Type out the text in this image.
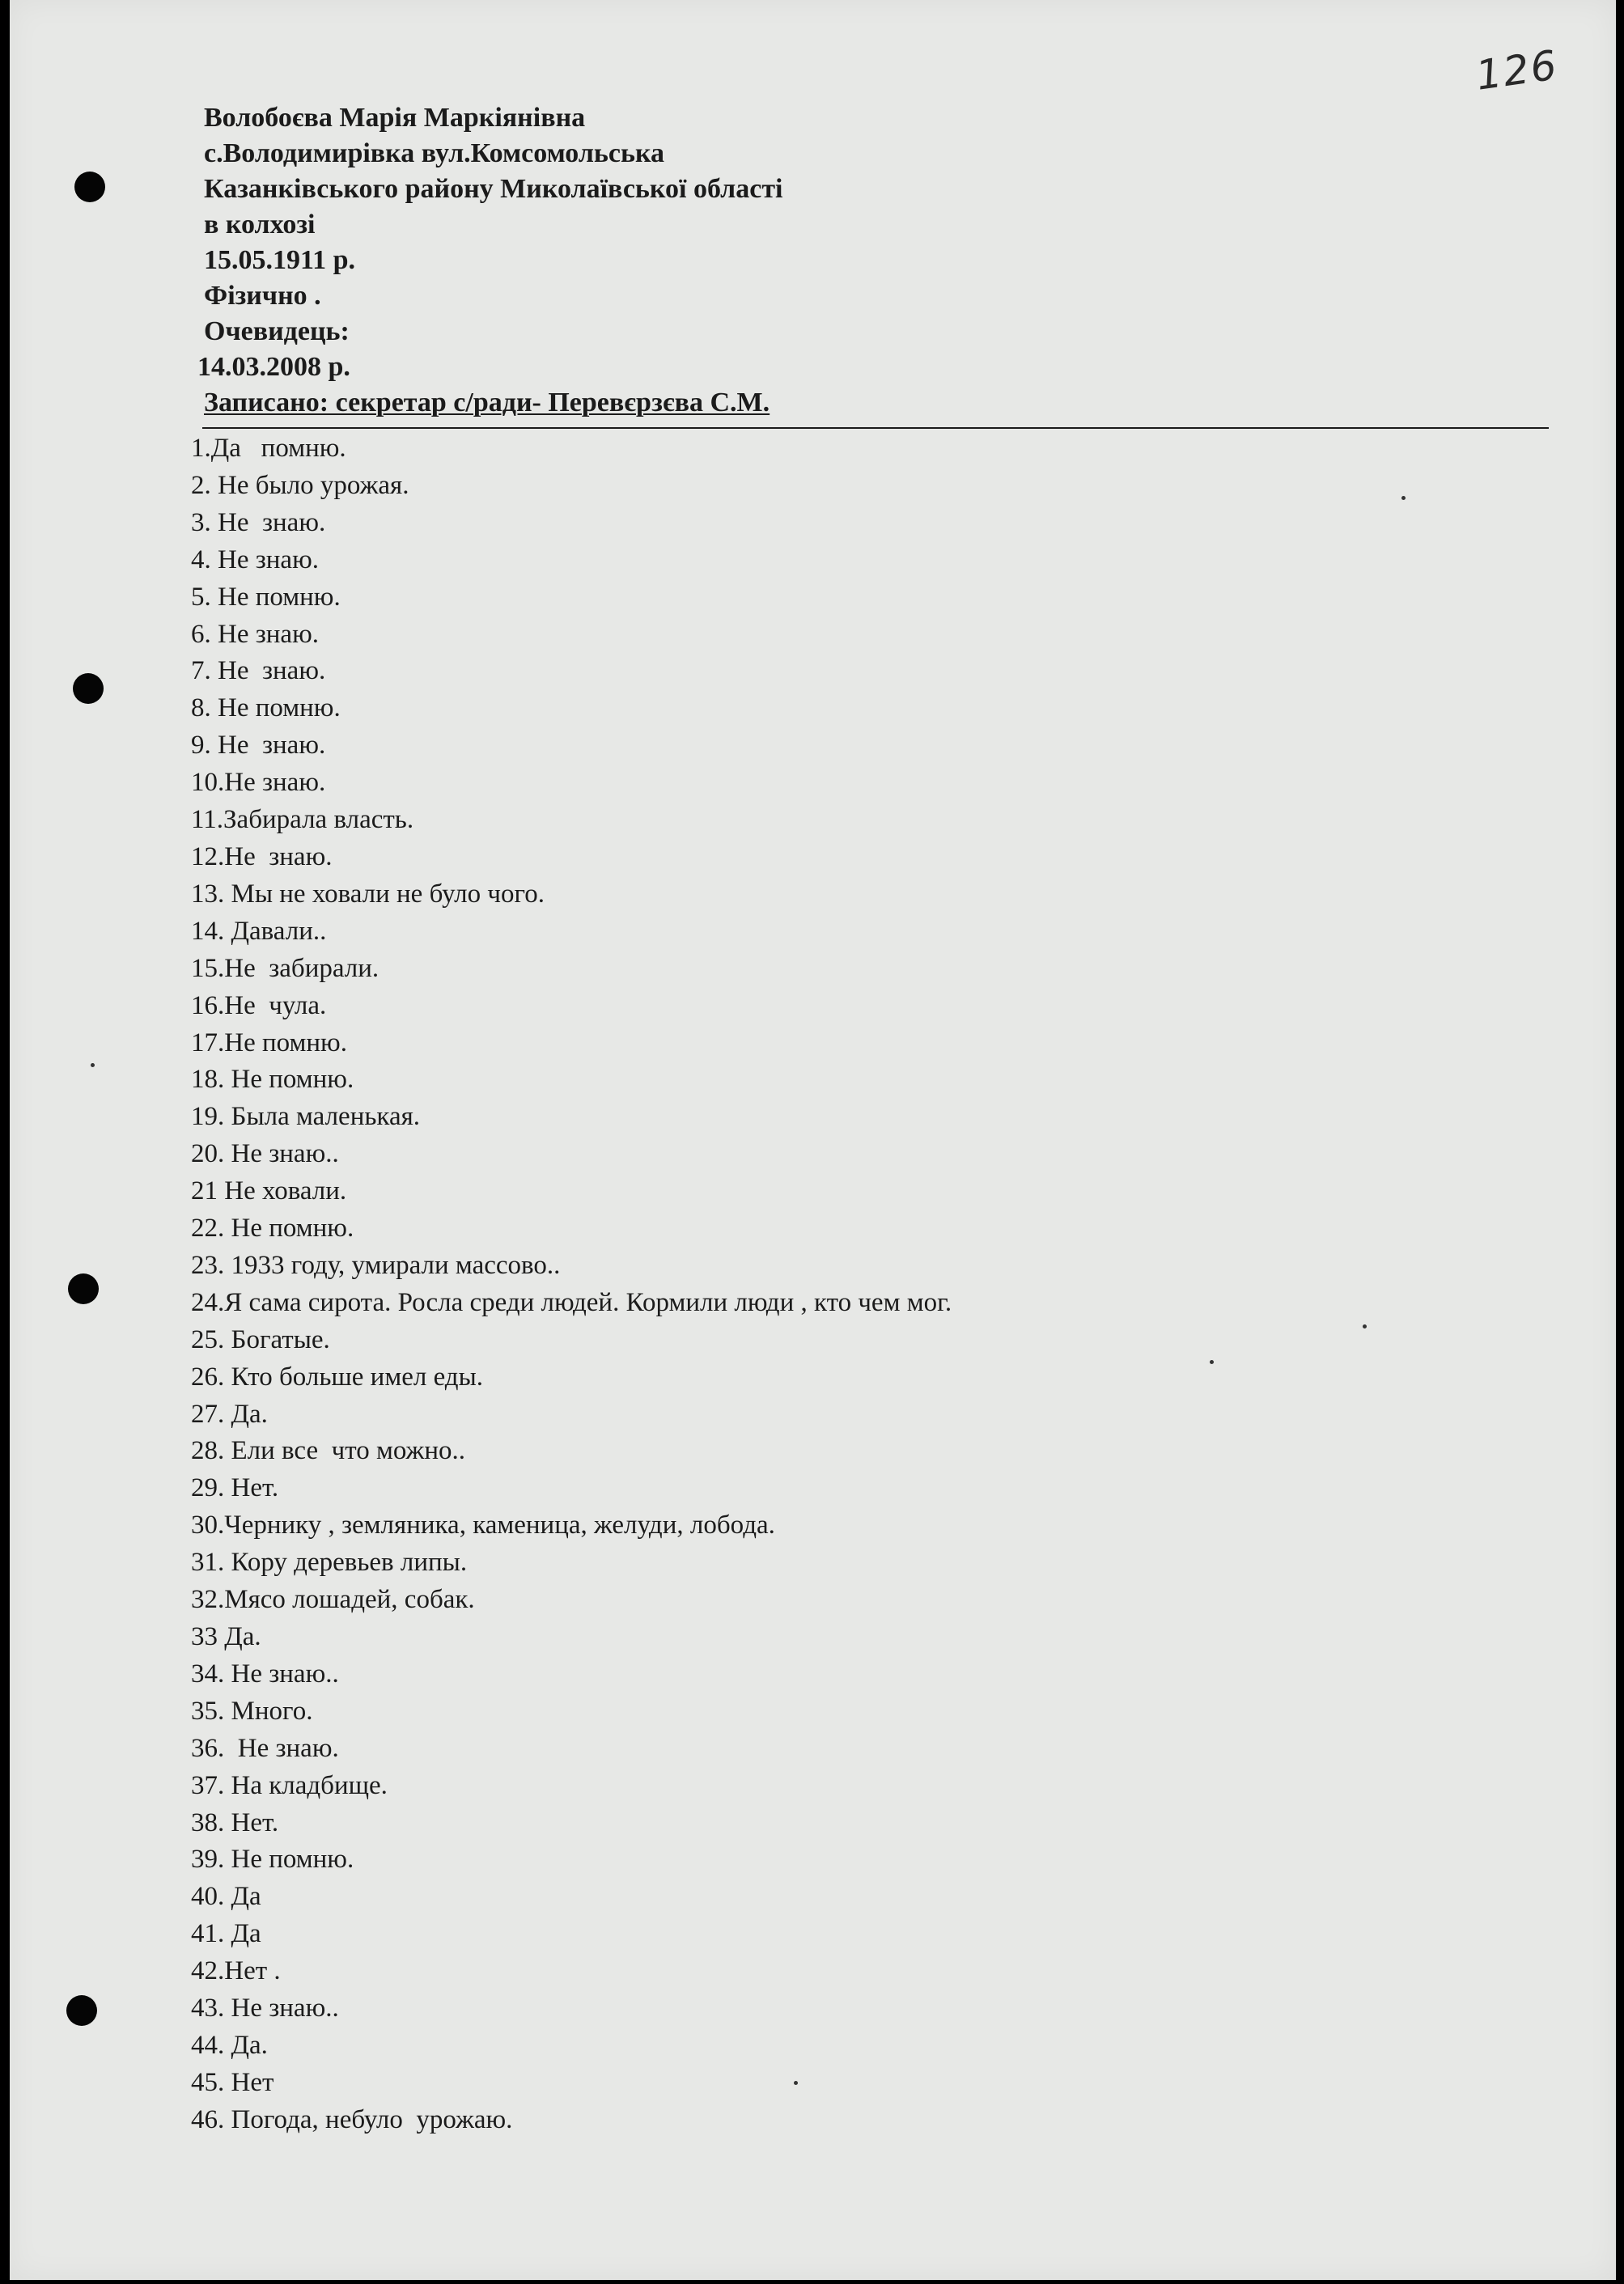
126
Волобоєва Марія Маркіянівна
с.Володимирівка вул.Комсомольська
Казанківського району Миколаївської області
в колхозі
15.05.1911 р.
Фізично .
Очевидець:
14.03.2008 р.
Записано: секретар с/ради- Перевєрзєва С.М.
1.Да   помню.
2. Не было урожая.
3. Не  знаю.
4. Не знаю.
5. Не помню.
6. Не знаю.
7. Не  знаю.
8. Не помню.
9. Не  знаю.
10.Не знаю.
11.Забирала власть.
12.Не  знаю.
13. Мы не ховали не було чого.
14. Давали..
15.Не  забирали.
16.Не  чула.
17.Не помню.
18. Не помню.
19. Была маленькая.
20. Не знаю..
21 Не ховали.
22. Не помню.
23. 1933 году, умирали массово..
24.Я сама сирота. Росла среди людей. Кормили люди , кто чем мог.
25. Богатые.
26. Кто больше имел еды.
27. Да.
28. Ели все  что можно..
29. Нет.
30.Чернику , земляника, каменица, желуди, лобода.
31. Кору деревьев липы.
32.Мясо лошадей, собак.
33 Да.
34. Не знаю..
35. Много.
36.  Не знаю.
37. На кладбище.
38. Нет.
39. Не помню.
40. Да
41. Да
42.Нет .
43. Не знаю..
44. Да.
45. Нет
46. Погода, небуло  урожаю.
